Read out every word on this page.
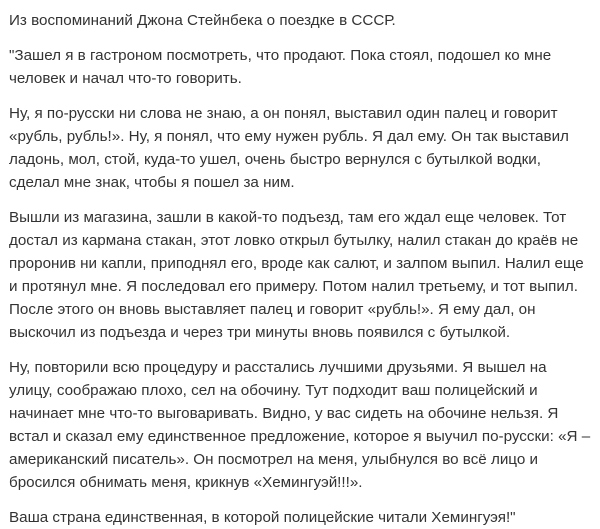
Из воспоминаний Джона Стейнбека о поездке в СССР.

"Зашел я в гастроном посмотреть, что продают. Пока стоял, подошел ко мне человек и начал что-то говорить.

Ну, я по-русски ни слова не знаю, а он понял, выставил один палец и говорит «рубль, рубль!». Ну, я понял, что ему нужен рубль. Я дал ему. Он так выставил ладонь, мол, стой, куда-то ушел, очень быстро вернулся с бутылкой водки, сделал мне знак, чтобы я пошел за ним.

Вышли из магазина, зашли в какой-то подъезд, там его ждал еще человек. Тот достал из кармана стакан, этот ловко открыл бутылку, налил стакан до краёв не проронив ни капли, приподнял его, вроде как салют, и залпом выпил. Налил еще и протянул мне. Я последовал его примеру. Потом налил третьему, и тот выпил. После этого он вновь выставляет палец и говорит «рубль!». Я ему дал, он выскочил из подъезда и через три минуты вновь появился с бутылкой.

Ну, повторили всю процедуру и расстались лучшими друзьями. Я вышел на улицу, соображаю плохо, сел на обочину. Тут подходит ваш полицейский и начинает мне что-то выговаривать. Видно, у вас сидеть на обочине нельзя. Я встал и сказал ему единственное предложение, которое я выучил по-русски: «Я – американский писатель». Он посмотрел на меня, улыбнулся во всё лицо и бросился обнимать меня, крикнув «Хемингуэй!!!».

Ваша страна единственная, в которой полицейские читали Хемингуэя!"
